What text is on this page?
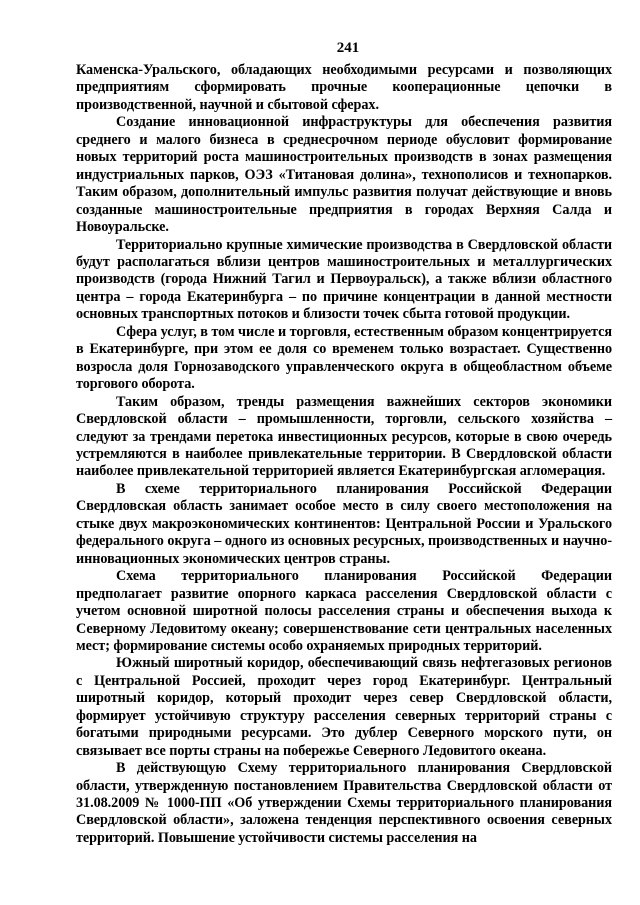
241

Каменска-Уральского, обладающих необходимыми ресурсами и позволяющих предприятиям сформировать прочные кооперационные цепочки в производственной, научной и сбытовой сферах.

Создание инновационной инфраструктуры для обеспечения развития среднего и малого бизнеса в среднесрочном периоде обусловит формирование новых территорий роста машиностроительных производств в зонах размещения индустриальных парков, ОЭЗ «Титановая долина», технополисов и технопарков. Таким образом, дополнительный импульс развития получат действующие и вновь созданные машиностроительные предприятия в городах Верхняя Салда и Новоуральске.

Территориально крупные химические производства в Свердловской области будут располагаться вблизи центров машиностроительных и металлургических производств (города Нижний Тагил и Первоуральск), а также вблизи областного центра – города Екатеринбурга – по причине концентрации в данной местности основных транспортных потоков и близости точек сбыта готовой продукции.

Сфера услуг, в том числе и торговля, естественным образом концентрируется в Екатеринбурге, при этом ее доля со временем только возрастает. Существенно возросла доля Горнозаводского управленческого округа в общеобластном объеме торгового оборота.

Таким образом, тренды размещения важнейших секторов экономики Свердловской области – промышленности, торговли, сельского хозяйства – следуют за трендами перетока инвестиционных ресурсов, которые в свою очередь устремляются в наиболее привлекательные территории. В Свердловской области наиболее привлекательной территорией является Екатеринбургская агломерация.

В схеме территориального планирования Российской Федерации Свердловская область занимает особое место в силу своего местоположения на стыке двух макроэкономических континентов: Центральной России и Уральского федерального округа – одного из основных ресурсных, производственных и научно-инновационных экономических центров страны.

Схема территориального планирования Российской Федерации предполагает развитие опорного каркаса расселения Свердловской области с учетом основной широтной полосы расселения страны и обеспечения выхода к Северному Ледовитому океану; совершенствование сети центральных населенных мест; формирование системы особо охраняемых природных территорий.

Южный широтный коридор, обеспечивающий связь нефтегазовых регионов с Центральной Россией, проходит через город Екатеринбург. Центральный широтный коридор, который проходит через север Свердловской области, формирует устойчивую структуру расселения северных территорий страны с богатыми природными ресурсами. Это дублер Северного морского пути, он связывает все порты страны на побережье Северного Ледовитого океана.

В действующую Схему территориального планирования Свердловской области, утвержденную постановлением Правительства Свердловской области от 31.08.2009 № 1000-ПП «Об утверждении Схемы территориального планирования Свердловской области», заложена тенденция перспективного освоения северных территорий. Повышение устойчивости системы расселения на
